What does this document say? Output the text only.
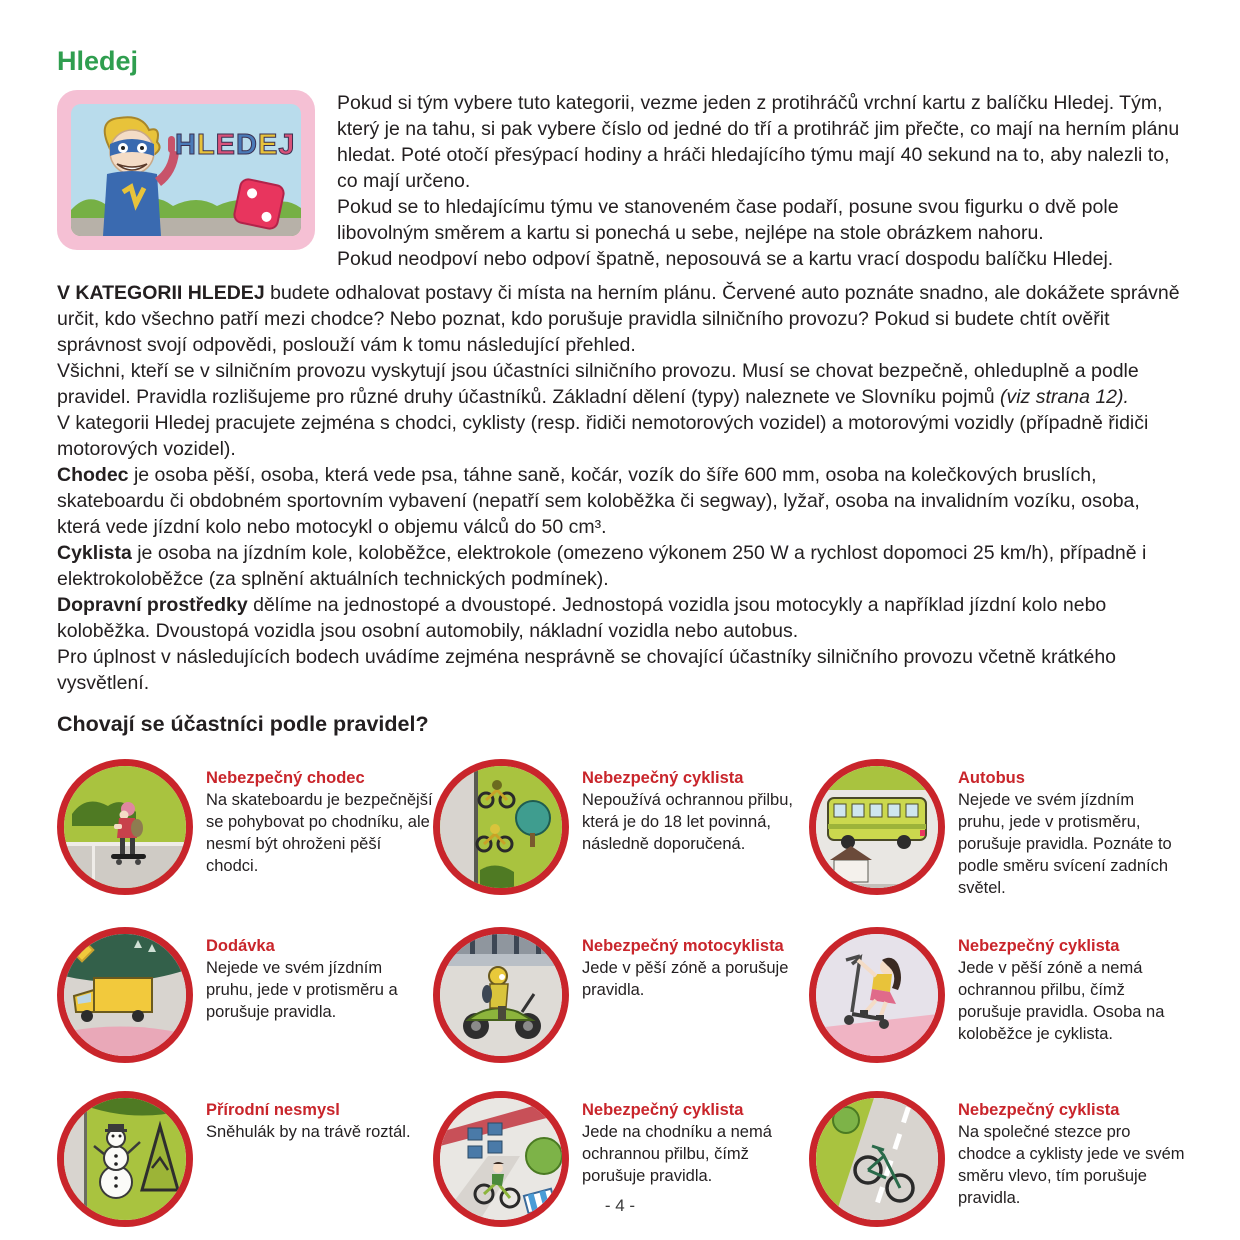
Hledej
HLEDEJ

Pokud si tým vybere tuto kategorii, vezme jeden z protihráčů vrchní kartu z balíčku Hledej. Tým, který je na tahu, si pak vybere číslo od jedné do tří a protihráč jim přečte, co mají na herním plánu hledat. Poté otočí přesýpací hodiny a hráči hledajícího týmu mají 40 sekund na to, aby nalezli to, co mají určeno.

Pokud se to hledajícímu týmu ve stanoveném čase podaří, posune svou figurku o dvě pole libovolným směrem a kartu si ponechá u sebe, nejlépe na stole obrázkem nahoru.

Pokud neodpoví nebo odpoví špatně, neposouvá se a kartu vrací dospodu balíčku Hledej.

V KATEGORII HLEDEJ budete odhalovat postavy či místa na herním plánu. Červené auto poznáte snadno, ale dokážete správně určit, kdo všechno patří mezi chodce? Nebo poznat, kdo porušuje pravidla silničního provozu? Pokud si budete chtít ověřit správnost svojí odpovědi, poslouží vám k tomu následující přehled.

Všichni, kteří se v silničním provozu vyskytují jsou účastníci silničního provozu. Musí se chovat bezpečně, ohleduplně a podle pravidel. Pravidla rozlišujeme pro různé druhy účastníků. Základní dělení (typy) naleznete ve Slovníku pojmů (viz strana 12).

V kategorii Hledej pracujete zejména s chodci, cyklisty (resp. řidiči nemotorových vozidel) a motorovými vozidly (případně řidiči motorových vozidel).

Chodec je osoba pěší, osoba, která vede psa, táhne saně, kočár, vozík do šíře 600 mm, osoba na kolečkových bruslích, skateboardu či obdobném sportovním vybavení (nepatří sem koloběžka či segway), lyžař, osoba na invalidním vozíku, osoba, která vede jízdní kolo nebo motocykl o objemu válců do 50 cm³.

Cyklista je osoba na jízdním kole, koloběžce, elektrokole (omezeno výkonem 250 W a rychlost dopomoci 25 km/h), případně i elektrokoloběžce (za splnění aktuálních technických podmínek).

Dopravní prostředky dělíme na jednostopé a dvoustopé. Jednostopá vozidla jsou motocykly a například jízdní kolo nebo koloběžka. Dvoustopá vozidla jsou osobní automobily, nákladní vozidla nebo autobus.

Pro úplnost v následujících bodech uvádíme zejména nesprávně se chovající účastníky silničního provozu včetně krátkého vysvětlení.

Chovají se účastníci podle pravidel?
Nebezpečný chodec
Na skateboardu je bezpečnější se pohybovat po chodníku, ale nesmí být ohroženi pěší chodci.
Nebezpečný cyklista
Nepoužívá ochrannou přilbu, která je do 18 let povinná, následně doporučená.
Autobus
Nejede ve svém jízdním pruhu, jede v protisměru, porušuje pravidla. Poznáte to podle směru svícení zadních světel.
Dodávka
Nejede ve svém jízdním pruhu, jede v protisměru a porušuje pravidla.
Nebezpečný motocyklista
Jede v pěší zóně a porušuje pravidla.
Nebezpečný cyklista
Jede v pěší zóně a nemá ochrannou přilbu, čímž porušuje pravidla. Osoba na koloběžce je cyklista.
Přírodní nesmysl
Sněhulák by na trávě roztál.
Nebezpečný cyklista
Jede na chodníku a nemá ochrannou přilbu, čímž porušuje pravidla.
Nebezpečný cyklista
Na společné stezce pro chodce a cyklisty jede ve svém směru vlevo, tím porušuje pravidla.
- 4 -
